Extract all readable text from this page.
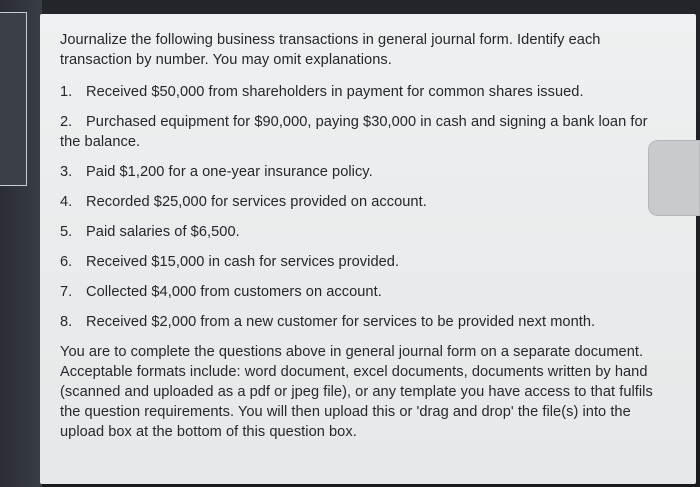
Journalize the following business transactions in general journal form. Identify each transaction by number. You may omit explanations.

1. Received $50,000 from shareholders in payment for common shares issued.
2. Purchased equipment for $90,000, paying $30,000 in cash and signing a bank loan for the balance.
3. Paid $1,200 for a one-year insurance policy.
4. Recorded $25,000 for services provided on account.
5. Paid salaries of $6,500.
6. Received $15,000 in cash for services provided.
7. Collected $4,000 from customers on account.
8. Received $2,000 from a new customer for services to be provided next month.

You are to complete the questions above in general journal form on a separate document. Acceptable formats include: word document, excel documents, documents written by hand (scanned and uploaded as a pdf or jpeg file), or any template you have access to that fulfils the question requirements. You will then upload this or 'drag and drop' the file(s) into the upload box at the bottom of this question box.
